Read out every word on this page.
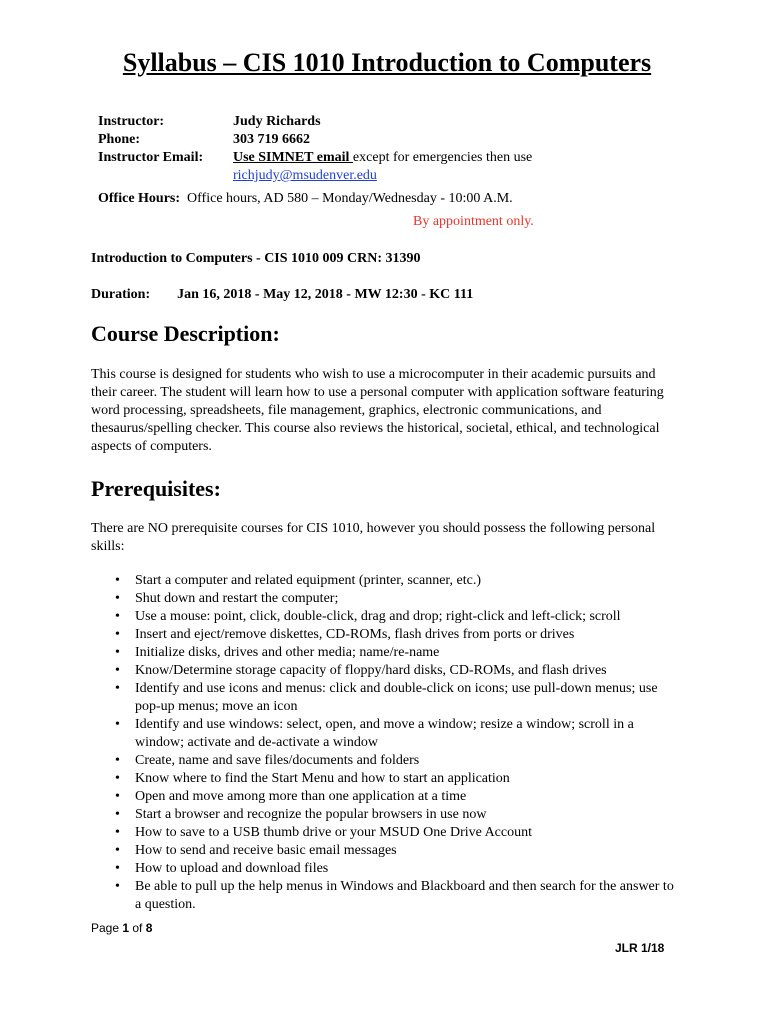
Syllabus – CIS 1010 Introduction to Computers
Instructor:	Judy Richards
Phone:	303 719 6662
Instructor Email: Use SIMNET email except for emergencies then use
richjudy@msudenver.edu
Office Hours: Office hours, AD 580 – Monday/Wednesday - 10:00 A.M.
By appointment only.
Introduction to Computers - CIS 1010 009 CRN: 31390
Duration: Jan 16, 2018 - May 12, 2018 - MW 12:30 - KC 111
Course Description:
This course is designed for students who wish to use a microcomputer in their academic pursuits and their career. The student will learn how to use a personal computer with application software featuring word processing, spreadsheets, file management, graphics, electronic communications, and thesaurus/spelling checker. This course also reviews the historical, societal, ethical, and technological aspects of computers.
Prerequisites:
There are NO prerequisite courses for CIS 1010, however you should possess the following personal skills:
• Start a computer and related equipment (printer, scanner, etc.)
• Shut down and restart the computer;
• Use a mouse: point, click, double-click, drag and drop; right-click and left-click; scroll
• Insert and eject/remove diskettes, CD-ROMs, flash drives from ports or drives
• Initialize disks, drives and other media; name/re-name
• Know/Determine storage capacity of floppy/hard disks, CD-ROMs, and flash drives
• Identify and use icons and menus: click and double-click on icons; use pull-down menus; use pop-up menus; move an icon
• Identify and use windows: select, open, and move a window; resize a window; scroll in a window; activate and de-activate a window
• Create, name and save files/documents and folders
• Know where to find the Start Menu and how to start an application
• Open and move among more than one application at a time
• Start a browser and recognize the popular browsers in use now
• How to save to a USB thumb drive or your MSUD One Drive Account
• How to send and receive basic email messages
• How to upload and download files
• Be able to pull up the help menus in Windows and Blackboard and then search for the answer to a question.
Page 1 of 8
JLR 1/18
